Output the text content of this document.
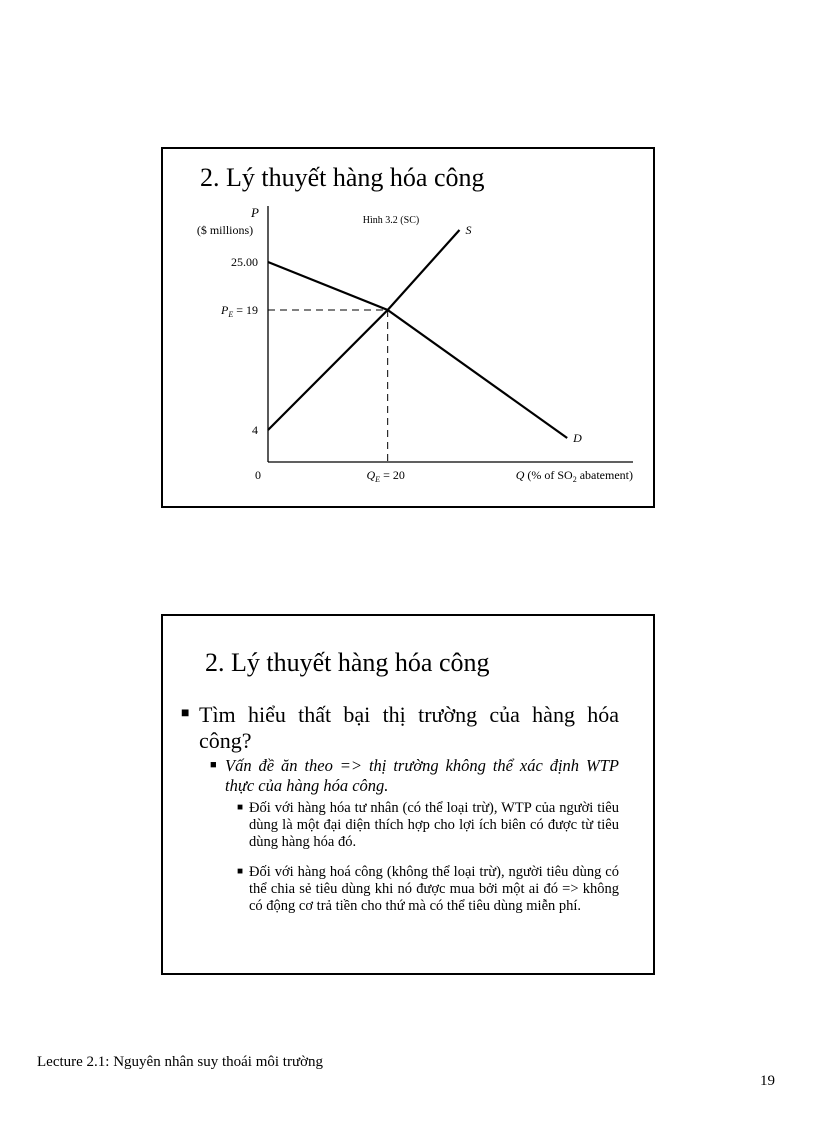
2. Lý thuyết hàng hóa công
P
($ millions)
Hình 3.2 (SC)
25.00
4
0
S
D
$P_E = 19$
$Q_E = 20$	Q (% of $SO_2$ abatement)
2. Lý thuyết hàng hóa công
■ Tìm hiểu thất bại thị trường của hàng hóa công?
■ Vấn đề ăn theo => thị trường không thể xác định WTP thực của hàng hóa công.
■ Đối với hàng hóa tư nhân (có thể loại trừ), WTP của người tiêu dùng là một đại diện thích hợp cho lợi ích biên có được từ tiêu dùng hàng hóa đó.
■ Đối với hàng hoá công (không thể loại trừ), người tiêu dùng có thể chia sẻ tiêu dùng khi nó được mua bởi một ai đó => không có động cơ trả tiền cho thứ mà có thể tiêu dùng miễn phí.
Lecture 2.1: Nguyên nhân suy thoái môi trường
19
